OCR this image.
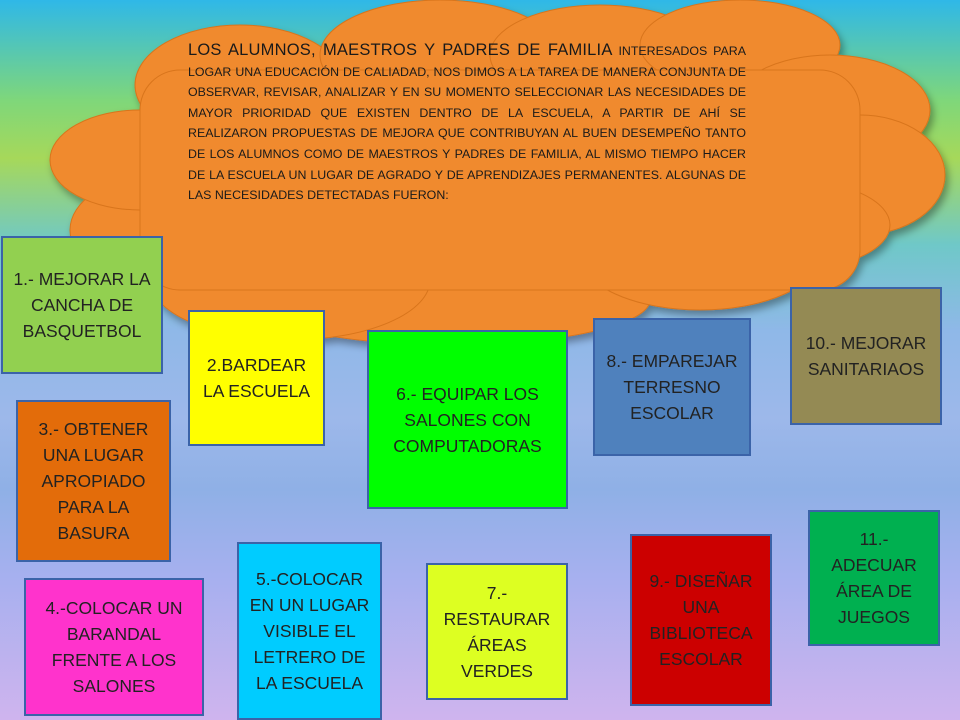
LOS ALUMNOS, MAESTROS Y PADRES DE FAMILIA INTERESADOS PARA LOGAR UNA EDUCACIÓN DE CALIADAD, NOS DIMOS A LA TAREA DE MANERA CONJUNTA DE OBSERVAR, REVISAR, ANALIZAR Y EN SU MOMENTO SELECCIONAR LAS NECESIDADES DE MAYOR PRIORIDAD QUE EXISTEN DENTRO DE LA ESCUELA, A PARTIR DE AHÍ SE REALIZARON PROPUESTAS DE MEJORA QUE CONTRIBUYAN AL BUEN DESEMPEÑO TANTO DE LOS ALUMNOS COMO DE MAESTROS Y PADRES DE FAMILIA, AL MISMO TIEMPO HACER DE LA ESCUELA UN LUGAR DE AGRADO Y DE APRENDIZAJES PERMANENTES. ALGUNAS DE LAS NECESIDADES DETECTADAS FUERON:
1.- MEJORAR LA CANCHA DE BASQUETBOL
2.BARDEAR LA ESCUELA
3.- OBTENER UNA LUGAR APROPIADO PARA LA BASURA
4.-COLOCAR UN BARANDAL FRENTE A LOS SALONES
5.-COLOCAR EN UN LUGAR VISIBLE EL LETRERO DE LA ESCUELA
6.- EQUIPAR LOS SALONES CON COMPUTADORAS
7.- RESTAURAR ÁREAS VERDES
8.- EMPAREJAR TERRESNO ESCOLAR
9.- DISEÑAR UNA BIBLIOTECA ESCOLAR
10.- MEJORAR SANITARIAOS
11.- ADECUAR ÁREA DE JUEGOS
